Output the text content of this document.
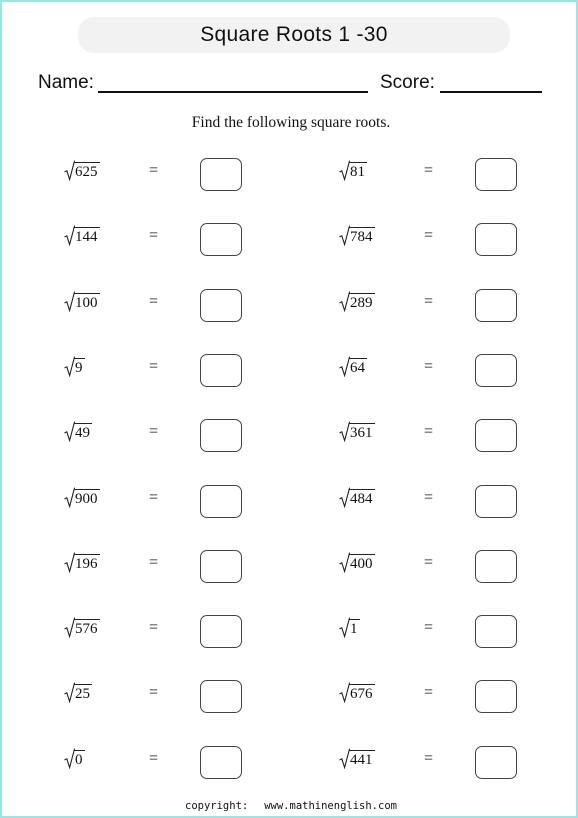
Square Roots 1 -30
Name:	Score:
Find the following square roots.
625	=	81	=
144	=	784	=
100	=	289	=
9	=	64	=
49	=	361	=
900	=	484	=
196	=	400	=
576	=	1	=
25	=	676	=
0	=	441	=
copyright: www.mathinenglish.com
